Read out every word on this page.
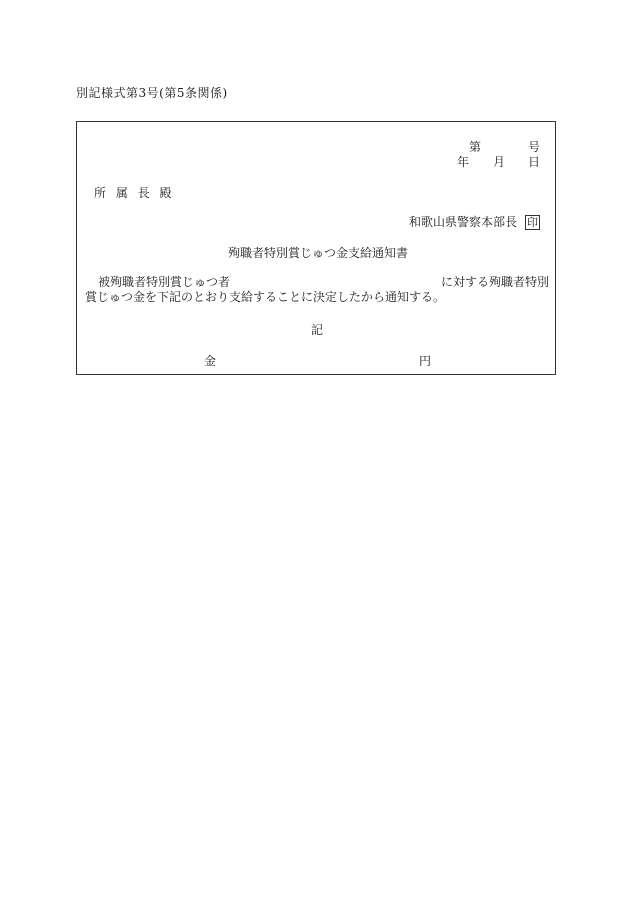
別記様式第3号(第5条関係)
第	号
年 月 日
所 属 長 殿
和歌山県警察本部長 印
殉職者特別賞じゅつ金支給通知書
被殉職者特別賞じゅつ者	に対する殉職者特別
賞じゅつ金を下記のとおり支給することに決定したから通知する。
記
金	円
